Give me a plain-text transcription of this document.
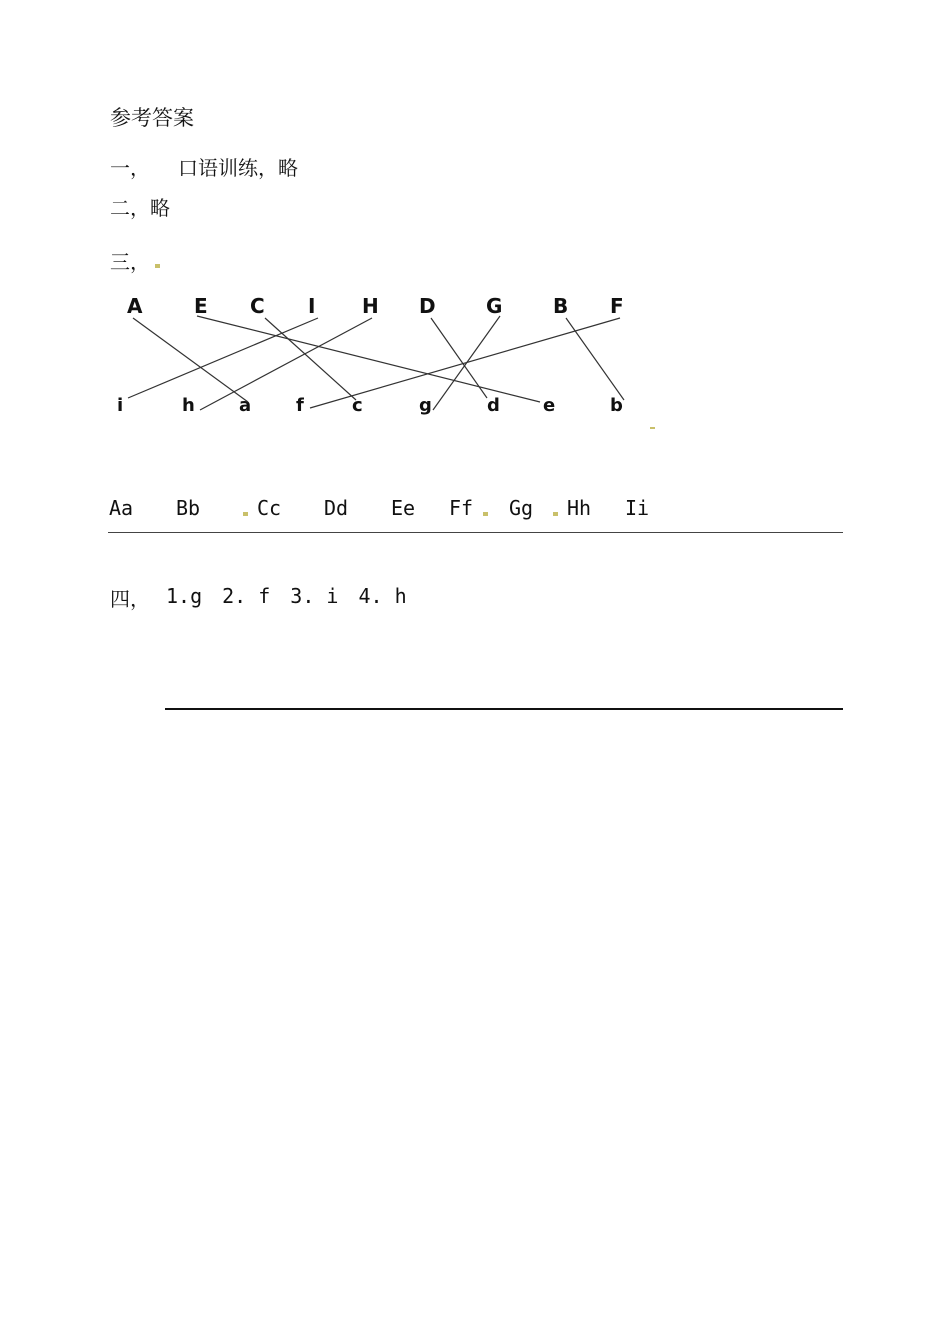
参考答案
一， 口语训练，略
二，略
三，
A	E C I H D	G	B F
i	h a f	c	g	d e	b
Aa Bb	Cc Dd Ee Ff Gg Hh Ii
四， 1.g 2. f 3. i 4. h
